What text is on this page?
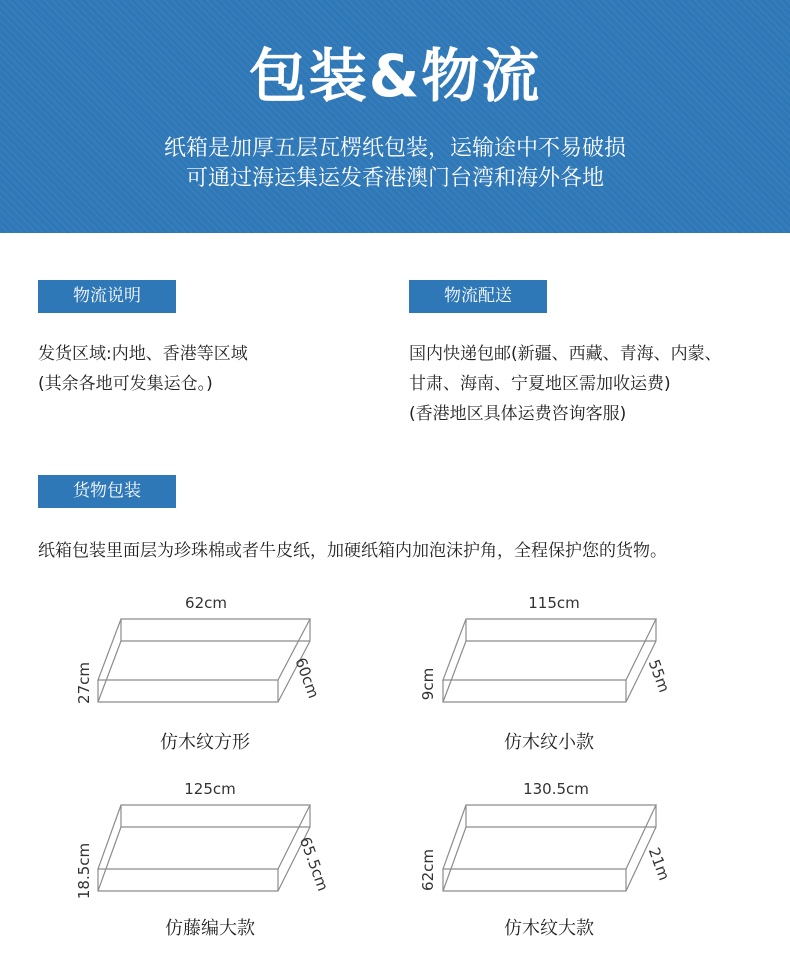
包装&物流
纸箱是加厚五层瓦楞纸包装，运输途中不易破损
可通过海运集运发香港澳门台湾和海外各地
物流说明
发货区域:内地、香港等区域
(其余各地可发集运仓。)
物流配送
国内快递包邮(新疆、西藏、青海、内蒙、
甘肃、海南、宁夏地区需加收运费)
(香港地区具体运费咨询客服)
货物包装
纸箱包装里面层为珍珠棉或者牛皮纸，加硬纸箱内加泡沫护角，全程保护您的货物。
62cm
27cm	60cm
仿木纹方形
115cm
9cm	55m
仿木纹小款
125cm
18.5cm	65.5cm
仿藤编大款
130.5cm
62cm	21m
仿木纹大款
